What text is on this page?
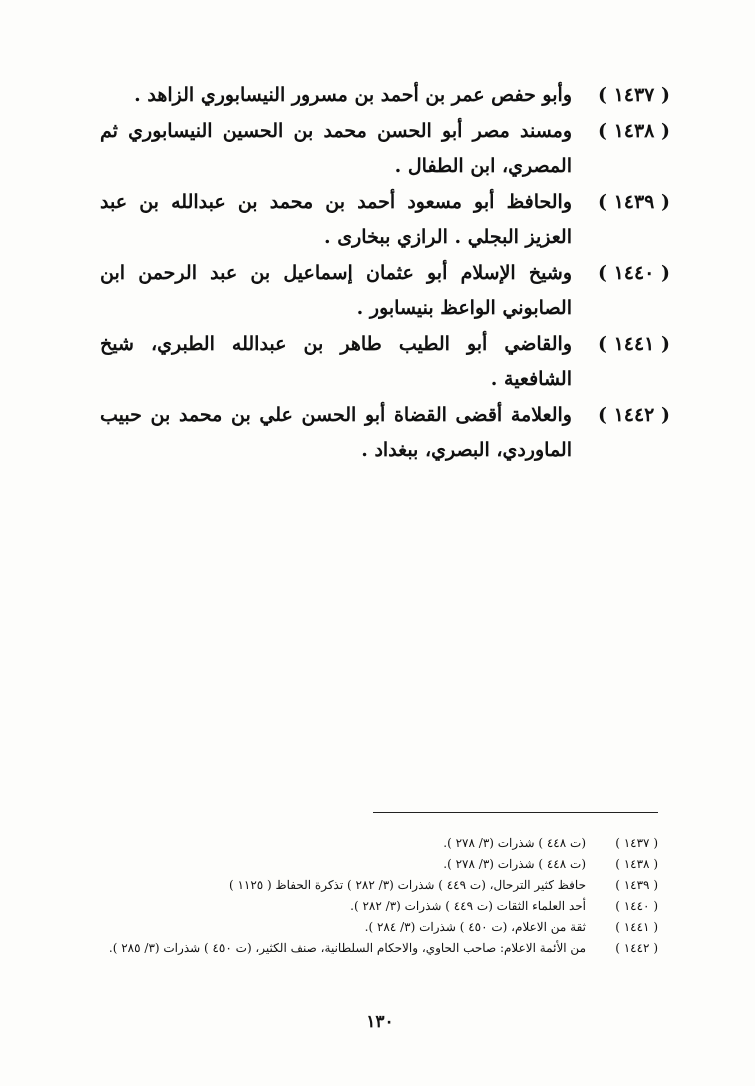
( ١٤٣٧ )وأبو حفص عمر بن أحمد بن مسرور النيسابوري الزاهد .
( ١٤٣٨ )ومسند مصر أبو الحسن محمد بن الحسين النيسابوري ثم المصري، ابن الطفال .
( ١٤٣٩ )والحافظ أبو مسعود أحمد بن محمد بن عبدالله بن عبد العزيز البجلي . الرازي ببخارى .
( ١٤٤٠ )وشيخ الإسلام أبو عثمان إسماعيل بن عبد الرحمن ابن الصابوني الواعظ بنيسابور .
( ١٤٤١ )والقاضي أبو الطيب طاهر بن عبدالله الطبري، شيخ الشافعية .
( ١٤٤٢ )والعلامة أقضى القضاة أبو الحسن علي بن محمد بن حبيب الماوردي، البصري، ببغداد .
( ١٤٣٧ )
(ت ٤٤٨ ) شذرات (٣/ ٢٧٨ ).
( ١٤٣٨ )
(ت ٤٤٨ ) شذرات (٣/ ٢٧٨ ).
( ١٤٣٩ )
حافظ كثير الترحال، (ت ٤٤٩ ) شذرات (٣/ ٢٨٢ ) تذكرة الحفاظ ( ١١٢٥ )
( ١٤٤٠ )
أحد العلماء الثقات (ت ٤٤٩ ) شذرات (٣/ ٢٨٢ ).
( ١٤٤١ )
ثقة من الاعلام، (ت ٤٥٠ ) شذرات (٣/ ٢٨٤ ).
( ١٤٤٢ )
من الأئمة الاعلام: صاحب الحاوي، والاحكام السلطانية، صنف الكثير، (ت ٤٥٠ ) شذرات (٣/ ٢٨٥ ).
١٣٠
